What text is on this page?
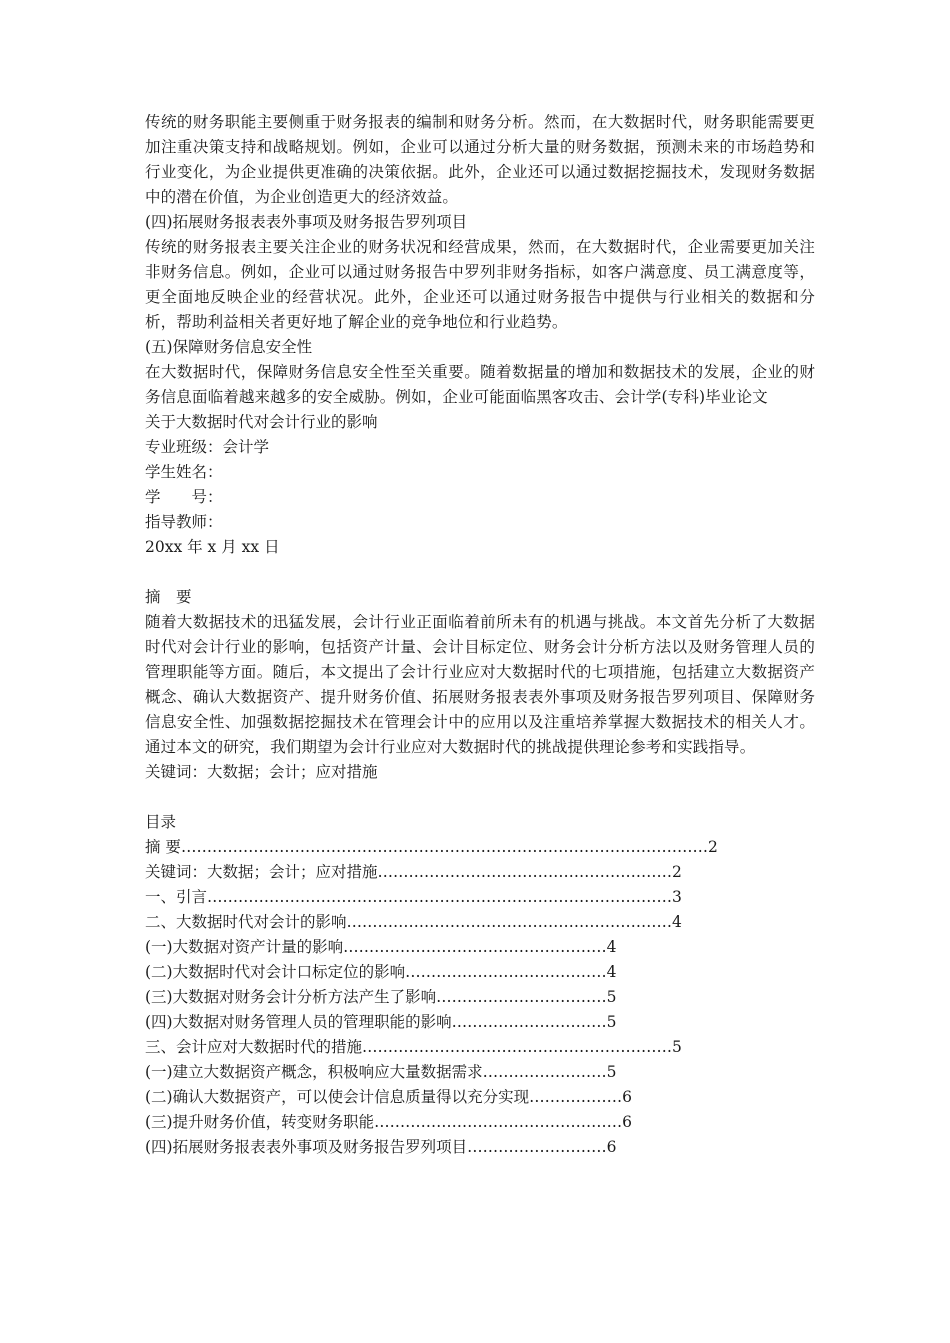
传统的财务职能主要侧重于财务报表的编制和财务分析。然而，在大数据时代，财务职能需要更加注重决策支持和战略规划。例如，企业可以通过分析大量的财务数据，预测未来的市场趋势和行业变化，为企业提供更准确的决策依据。此外，企业还可以通过数据挖掘技术，发现财务数据中的潜在价值，为企业创造更大的经济效益。

(四)拓展财务报表表外事项及财务报告罗列项目

传统的财务报表主要关注企业的财务状况和经营成果，然而，在大数据时代，企业需要更加关注非财务信息。例如，企业可以通过财务报告中罗列非财务指标，如客户满意度、员工满意度等，更全面地反映企业的经营状况。此外，企业还可以通过财务报告中提供与行业相关的数据和分析，帮助利益相关者更好地了解企业的竞争地位和行业趋势。

(五)保障财务信息安全性

在大数据时代，保障财务信息安全性至关重要。随着数据量的增加和数据技术的发展，企业的财务信息面临着越来越多的安全威胁。例如，企业可能面临黑客攻击、会计学(专科)毕业论文

关于大数据时代对会计行业的影响

专业班级：会计学

学生姓名：

学　　号：

指导教师：

20xx 年 x 月 xx 日

摘　要

随着大数据技术的迅猛发展，会计行业正面临着前所未有的机遇与挑战。本文首先分析了大数据时代对会计行业的影响，包括资产计量、会计目标定位、财务会计分析方法以及财务管理人员的管理职能等方面。随后，本文提出了会计行业应对大数据时代的七项措施，包括建立大数据资产概念、确认大数据资产、提升财务价值、拓展财务报表表外事项及财务报告罗列项目、保障财务信息安全性、加强数据挖掘技术在管理会计中的应用以及注重培养掌握大数据技术的相关人才。通过本文的研究，我们期望为会计行业应对大数据时代的挑战提供理论参考和实践指导。

关键词：大数据；会计；应对措施

目录

摘 要…………………………………………………………………………………………2

关键词：大数据；会计；应对措施…………………………………………………2

一、引言………………………………………………………………………………3

二、大数据时代对会计的影响………………………………………………………4

(一)大数据对资产计量的影响……………………………………………4

(二)大数据时代对会计口标定位的影响…………………………………4

(三)大数据对财务会计分析方法产生了影响……………………………5

(四)大数据对财务管理人员的管理职能的影响…………………………5

三、会计应对大数据时代的措施……………………………………………………5

(一)建立大数据资产概念，积极响应大量数据需求……………………5

(二)确认大数据资产，可以使会计信息质量得以充分实现………………6

(三)提升财务价值，转变财务职能…………………………………………6

(四)拓展财务报表表外事项及财务报告罗列项目………………………6
